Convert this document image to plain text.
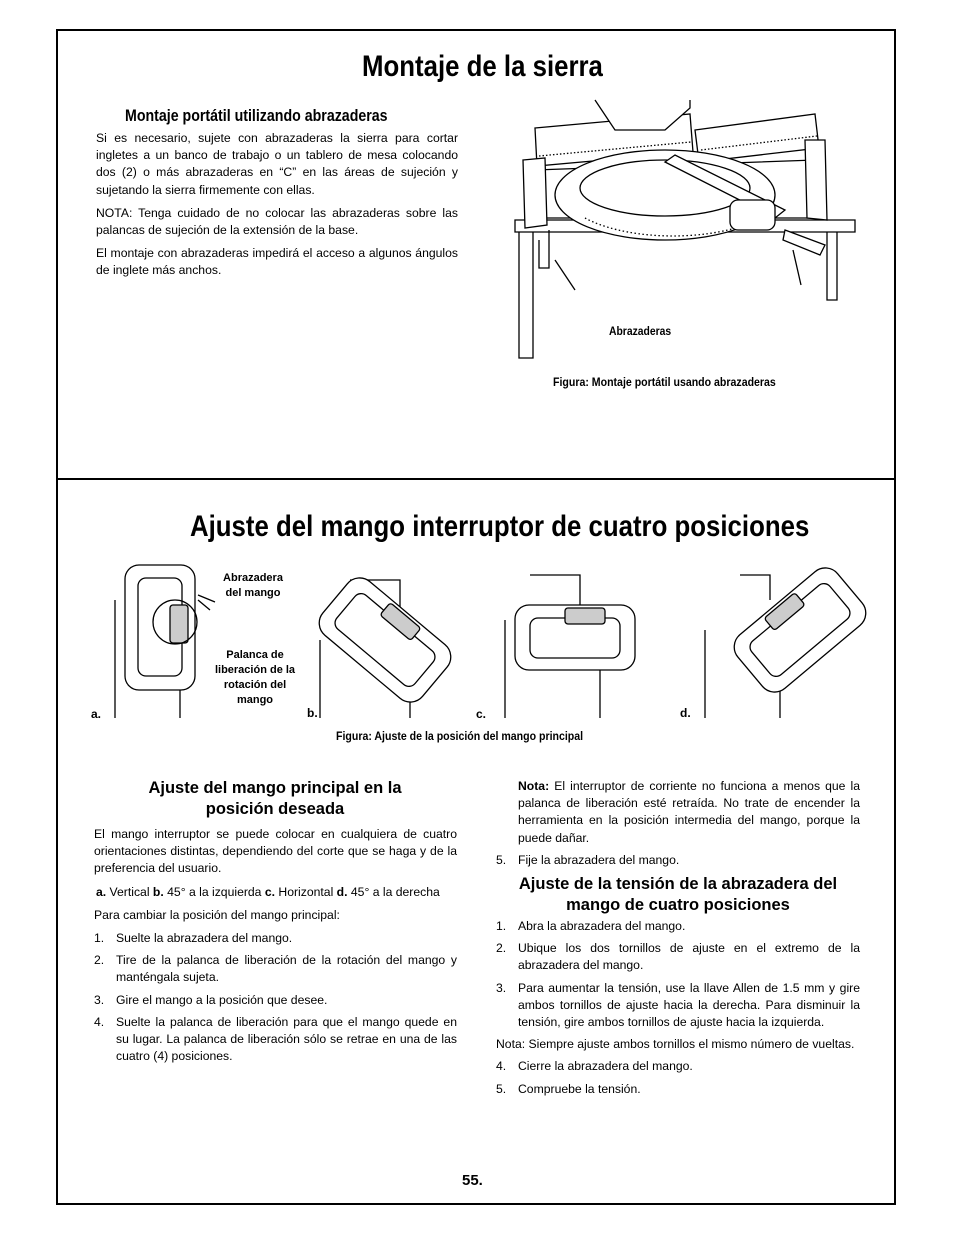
Montaje de la sierra
Montaje portátil utilizando abrazaderas

Si es necesario, sujete con abrazaderas la sierra para cortar ingletes a un banco de trabajo o un tablero de mesa colocando dos (2) o más abrazaderas en “C” en las áreas de sujeción y sujetando la sierra firmemente con ellas.

NOTA: Tenga cuidado de no colocar las abrazaderas sobre las palancas de sujeción de la extensión de la base.

El montaje con abrazaderas impedirá el acceso a algunos ángulos de inglete más anchos.

Abrazaderas
Figura: Montaje portátil usando abrazaderas
Ajuste del mango interruptor de cuatro posiciones
Abrazadera del mango
Palanca de liberación de la rotación del mango
a.	b.	c.	d.
Figura: Ajuste de la posición del mango principal
Ajuste del mango principal en la posición deseada

El mango interruptor se puede colocar en cualquiera de cuatro orientaciones distintas, dependiendo del corte que se haga y de la preferencia del usuario.

a. Vertical b. 45° a la izquierda c. Horizontal d. 45° a la derecha

Para cambiar la posición del mango principal:

1. Suelte la abrazadera del mango.
2. Tire de la palanca de liberación de la rotación del mango y manténgala sujeta.
3. Gire el mango a la posición que desee.
4. Suelte la palanca de liberación para que el mango quede en su lugar. La palanca de liberación sólo se retrae en una de las cuatro (4) posiciones.
Nota: El interruptor de corriente no funciona a menos que la palanca de liberación esté retraída. No trate de encender la herramienta en la posición intermedia del mango, porque la puede dañar.
5. Fije la abrazadera del mango.
Ajuste de la tensión de la abrazadera del mango de cuatro posiciones
1. Abra la abrazadera del mango.
2. Ubique los dos tornillos de ajuste en el extremo de la abrazadera del mango.
3. Para aumentar la tensión, use la llave Allen de 1.5 mm y gire ambos tornillos de ajuste hacia la derecha. Para disminuir la tensión, gire ambos tornillos de ajuste hacia la izquierda.

Nota: Siempre ajuste ambos tornillos el mismo número de vueltas.

4. Cierre la abrazadera del mango.
5. Compruebe la tensión.
55.
